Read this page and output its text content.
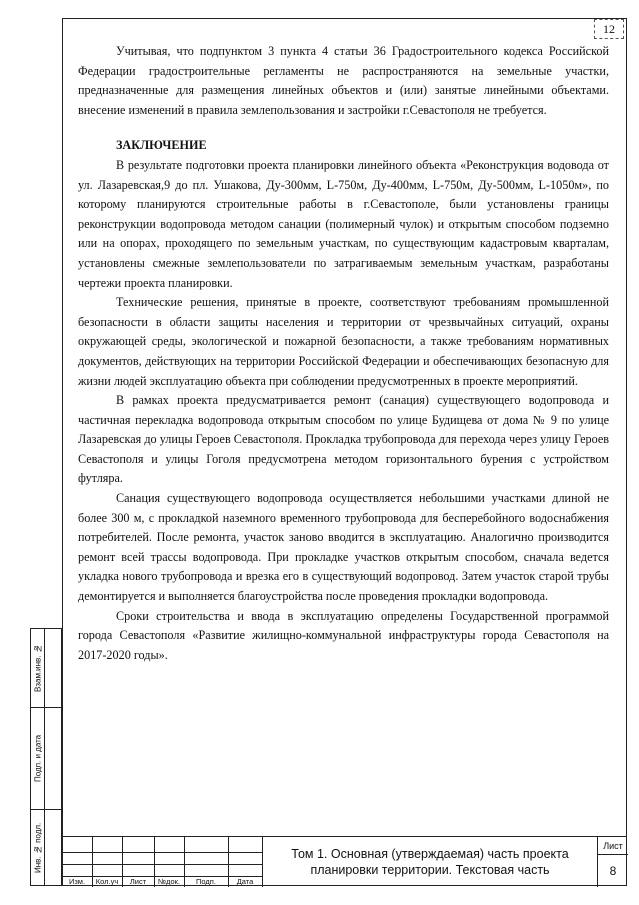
12

Учитывая, что подпунктом 3 пункта 4 статьи 36 Градостроительного кодекса Российской Федерации градостроительные регламенты не распространяются на земельные участки, предназначенные для размещения линейных объектов и (или) занятые линейными объектами. внесение изменений в правила землепользования и застройки г.Севастополя не требуется.

ЗАКЛЮЧЕНИЕ

В результате подготовки проекта планировки линейного объекта «Реконструкция водовода от ул. Лазаревская,9 до пл. Ушакова, Ду-300мм, L-750м, Ду-400мм, L-750м, Ду-500мм, L-1050м», по которому планируются строительные работы в г.Севастополе, были установлены границы реконструкции водопровода методом санации (полимерный чулок) и открытым способом подземно или на опорах, проходящего по земельным участкам, по существующим кадастровым кварталам, установлены смежные землепользователи по затрагиваемым земельным участкам, разработаны чертежи проекта планировки.

Технические решения, принятые в проекте, соответствуют требованиям промышленной безопасности в области защиты населения и территории от чрезвычайных ситуаций, охраны окружающей среды, экологической и пожарной безопасности, а также требованиям нормативных документов, действующих на территории Российской Федерации и обеспечивающих безопасную для жизни людей эксплуатацию объекта при соблюдении предусмотренных в проекте мероприятий.

В рамках проекта предусматривается ремонт (санация) существующего водопровода и частичная перекладка водопровода открытым способом по улице Будищева от дома № 9 по улице Лазаревская до улицы Героев Севастополя. Прокладка трубопровода для перехода через улицу Героев Севастополя и улицы Гоголя предусмотрена методом горизонтального бурения с устройством футляра.

Санация существующего водопровода осуществляется небольшими участками длиной не более 300 м, с прокладкой наземного временного трубопровода для бесперебойного водоснабжения потребителей. После ремонта, участок заново вводится в эксплуатацию. Аналогично производится ремонт всей трассы водопровода. При прокладке участков открытым способом, сначала ведется укладка нового трубопровода и врезка его в существующий водопровод. Затем участок старой трубы демонтируется и выполняется благоустройства после проведения прокладки водопровода.

Сроки строительства и ввода в эксплуатацию определены Государственной программой города Севастополя «Развитие жилищно-коммунальной инфраструктуры города Севастополя на 2017-2020 годы».

Взам.инв. №
Подп. и дата
Инв. № подл.
Изм.	Кол.уч	Лист	№док.	Подп.	Дата
Том 1. Основная (утверждаемая) часть проекта планировки территории. Текстовая часть
Лист
8
